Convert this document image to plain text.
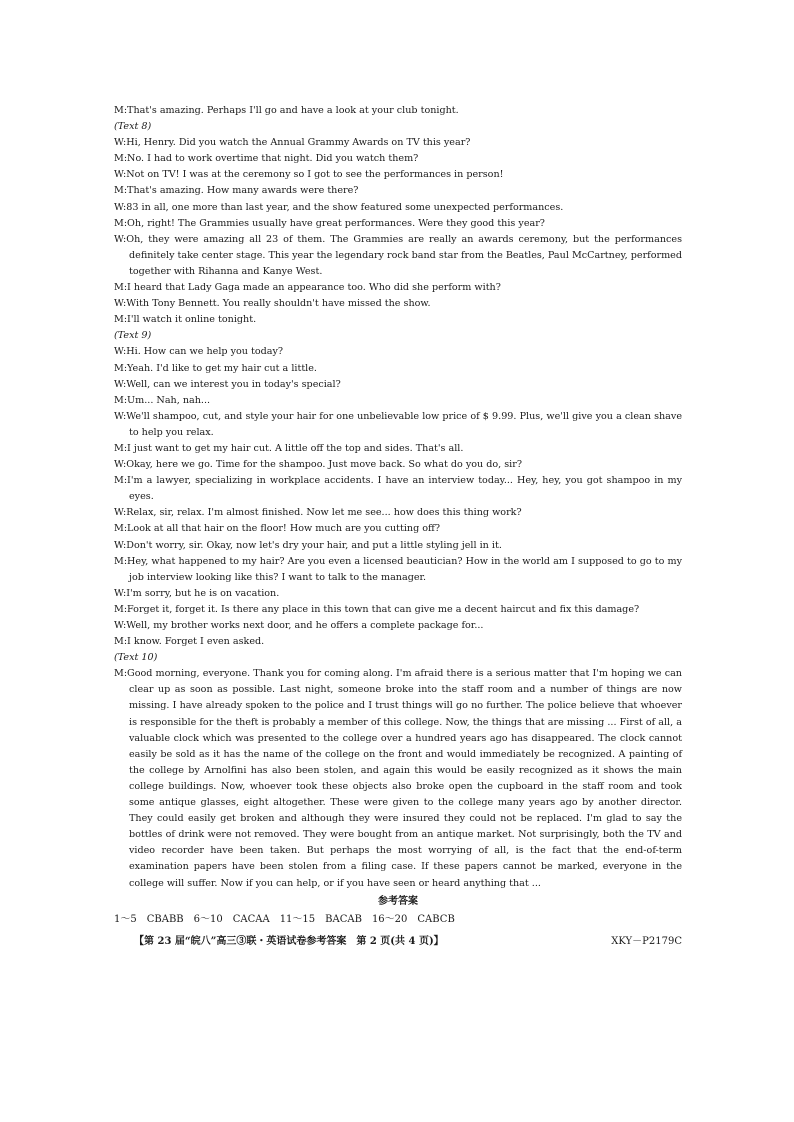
M:That's amazing. Perhaps I'll go and have a look at your club tonight.

(Text 8)

W:Hi, Henry. Did you watch the Annual Grammy Awards on TV this year?

M:No. I had to work overtime that night. Did you watch them?

W:Not on TV! I was at the ceremony so I got to see the performances in person!

M:That's amazing. How many awards were there?

W:83 in all, one more than last year, and the show featured some unexpected performances.

M:Oh, right! The Grammies usually have great performances. Were they good this year?

W:Oh, they were amazing all 23 of them. The Grammies are really an awards ceremony, but the performances definitely take center stage. This year the legendary rock band star from the Beatles, Paul McCartney, performed together with Rihanna and Kanye West.

M:I heard that Lady Gaga made an appearance too. Who did she perform with?

W:With Tony Bennett. You really shouldn't have missed the show.

M:I'll watch it online tonight.

(Text 9)

W:Hi. How can we help you today?

M:Yeah. I'd like to get my hair cut a little.

W:Well, can we interest you in today's special?

M:Um... Nah, nah...

W:We'll shampoo, cut, and style your hair for one unbelievable low price of $ 9.99. Plus, we'll give you a clean shave to help you relax.

M:I just want to get my hair cut. A little off the top and sides. That's all.

W:Okay, here we go. Time for the shampoo. Just move back. So what do you do, sir?

M:I'm a lawyer, specializing in workplace accidents. I have an interview today... Hey, hey, you got shampoo in my eyes.

W:Relax, sir, relax. I'm almost finished. Now let me see... how does this thing work?

M:Look at all that hair on the floor! How much are you cutting off?

W:Don't worry, sir. Okay, now let's dry your hair, and put a little styling jell in it.

M:Hey, what happened to my hair? Are you even a licensed beautician? How in the world am I supposed to go to my job interview looking like this? I want to talk to the manager.

W:I'm sorry, but he is on vacation.

M:Forget it, forget it. Is there any place in this town that can give me a decent haircut and fix this damage?

W:Well, my brother works next door, and he offers a complete package for...

M:I know. Forget I even asked.

(Text 10)

M:Good morning, everyone. Thank you for coming along. I'm afraid there is a serious matter that I'm hoping we can clear up as soon as possible. Last night, someone broke into the staff room and a number of things are now missing. I have already spoken to the police and I trust things will go no further. The police believe that whoever is responsible for the theft is probably a member of this college. Now, the things that are missing ... First of all, a valuable clock which was presented to the college over a hundred years ago has disappeared. The clock cannot easily be sold as it has the name of the college on the front and would immediately be recognized. A painting of the college by Arnolfini has also been stolen, and again this would be easily recognized as it shows the main college buildings. Now, whoever took these objects also broke open the cupboard in the staff room and took some antique glasses, eight altogether. These were given to the college many years ago by another director. They could easily get broken and although they were insured they could not be replaced. I'm glad to say the bottles of drink were not removed. They were bought from an antique market. Not surprisingly, both the TV and video recorder have been taken. But perhaps the most worrying of all, is the fact that the end-of-term examination papers have been stolen from a filing case. If these papers cannot be marked, everyone in the college will suffer. Now if you can help, or if you have seen or heard anything that ...

参考答案
1～5　CBABB　6～10　CACAA　11～15　BACAB　16～20　CABCB
【第 23 届“皖八”高三③联・英语试卷参考答案　第 2 页(共 4 页)】	XKY－P2179C
